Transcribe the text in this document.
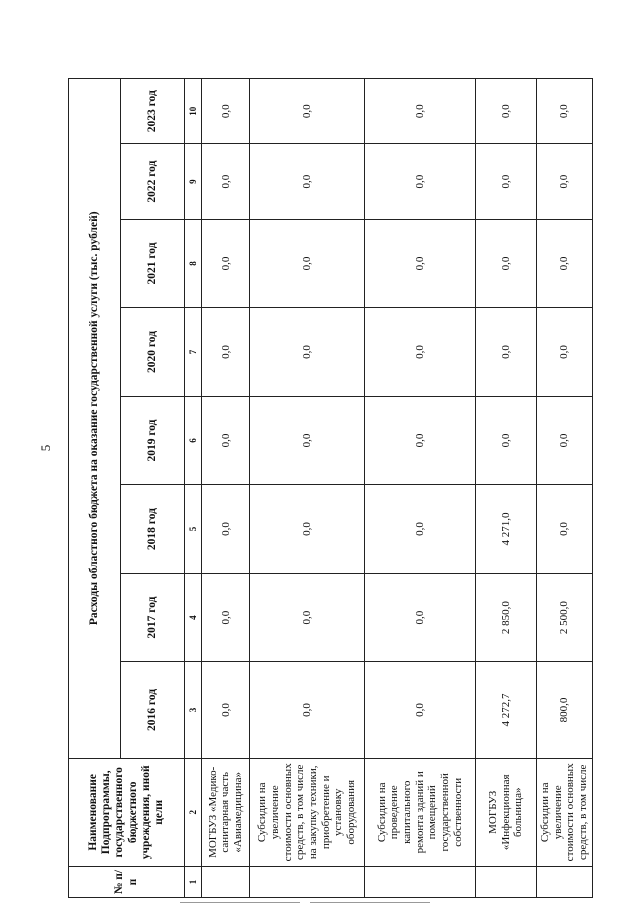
5
№ п/п	Наименование Подпрограммы, государственного бюджетного учреждения, иной цели	Расходы областного бюджета на оказание государственной услуги (тыс. рублей)							
		2016 год	2017 год	2018 год	2019 год	2020 год	2021 год	2022 год	2023 год
1	2	3	4	5	6	7	8	9	10
	МОГБУЗ «Медико-санитарная часть «Авиамедицина»	0,0	0,0	0,0	0,0	0,0	0,0	0,0	0,0
	Субсидии на увеличение стоимости основных средств, в том числе на закупку техники, приобретение и установку оборудования	0,0	0,0	0,0	0,0	0,0	0,0	0,0	0,0
	Субсидии на проведение капитального ремонта зданий и помещений государственной собственности	0,0	0,0	0,0	0,0	0,0	0,0	0,0	0,0
	МОГБУЗ «Инфекционная больница»	4 272,7	2 850,0	4 271,0	0,0	0,0	0,0	0,0	0,0
	Субсидии на увеличение стоимости основных средств, в том числе	800,0	2 500,0	0,0	0,0	0,0	0,0	0,0	0,0
